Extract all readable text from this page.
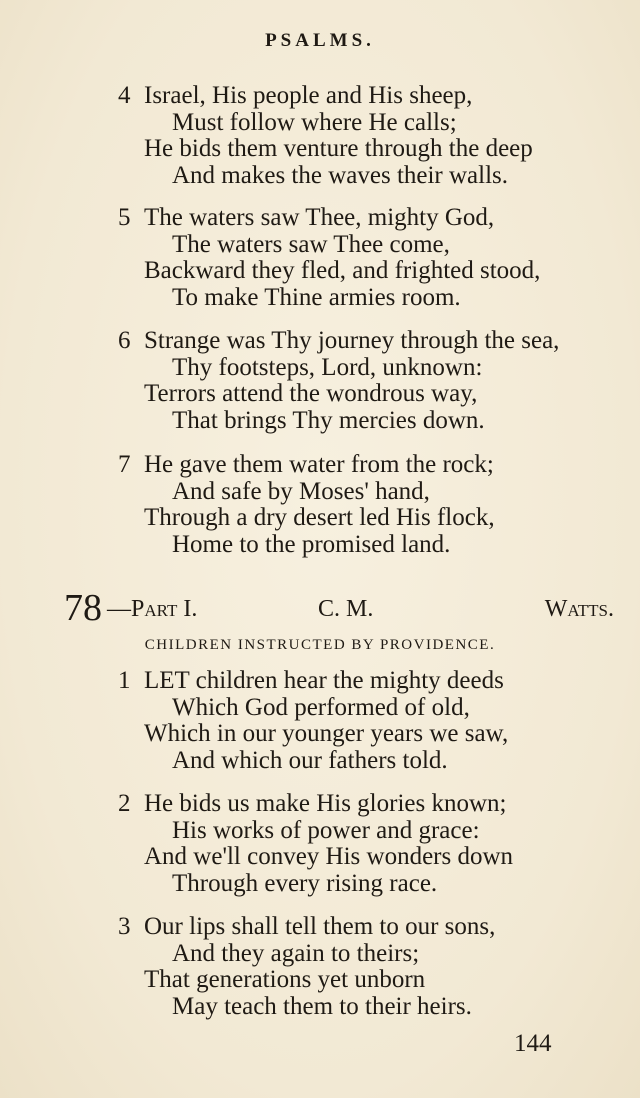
PSALMS.
4 Israel, His people and His sheep,
Must follow where He calls;
He bids them venture through the deep
And makes the waves their walls.
5 The waters saw Thee, mighty God,
The waters saw Thee come,
Backward they fled, and frighted stood,
To make Thine armies room.
6 Strange was Thy journey through the sea,
Thy footsteps, Lord, unknown:
Terrors attend the wondrous way,
That brings Thy mercies down.
7 He gave them water from the rock;
And safe by Moses' hand,
Through a dry desert led His flock,
Home to the promised land.
78 —Part I.	C. M.	Watts.
CHILDREN INSTRUCTED BY PROVIDENCE.
1 LET children hear the mighty deeds
Which God performed of old,
Which in our younger years we saw,
And which our fathers told.
2 He bids us make His glories known;
His works of power and grace:
And we'll convey His wonders down
Through every rising race.
3 Our lips shall tell them to our sons,
And they again to theirs;
That generations yet unborn
May teach them to their heirs.
144
